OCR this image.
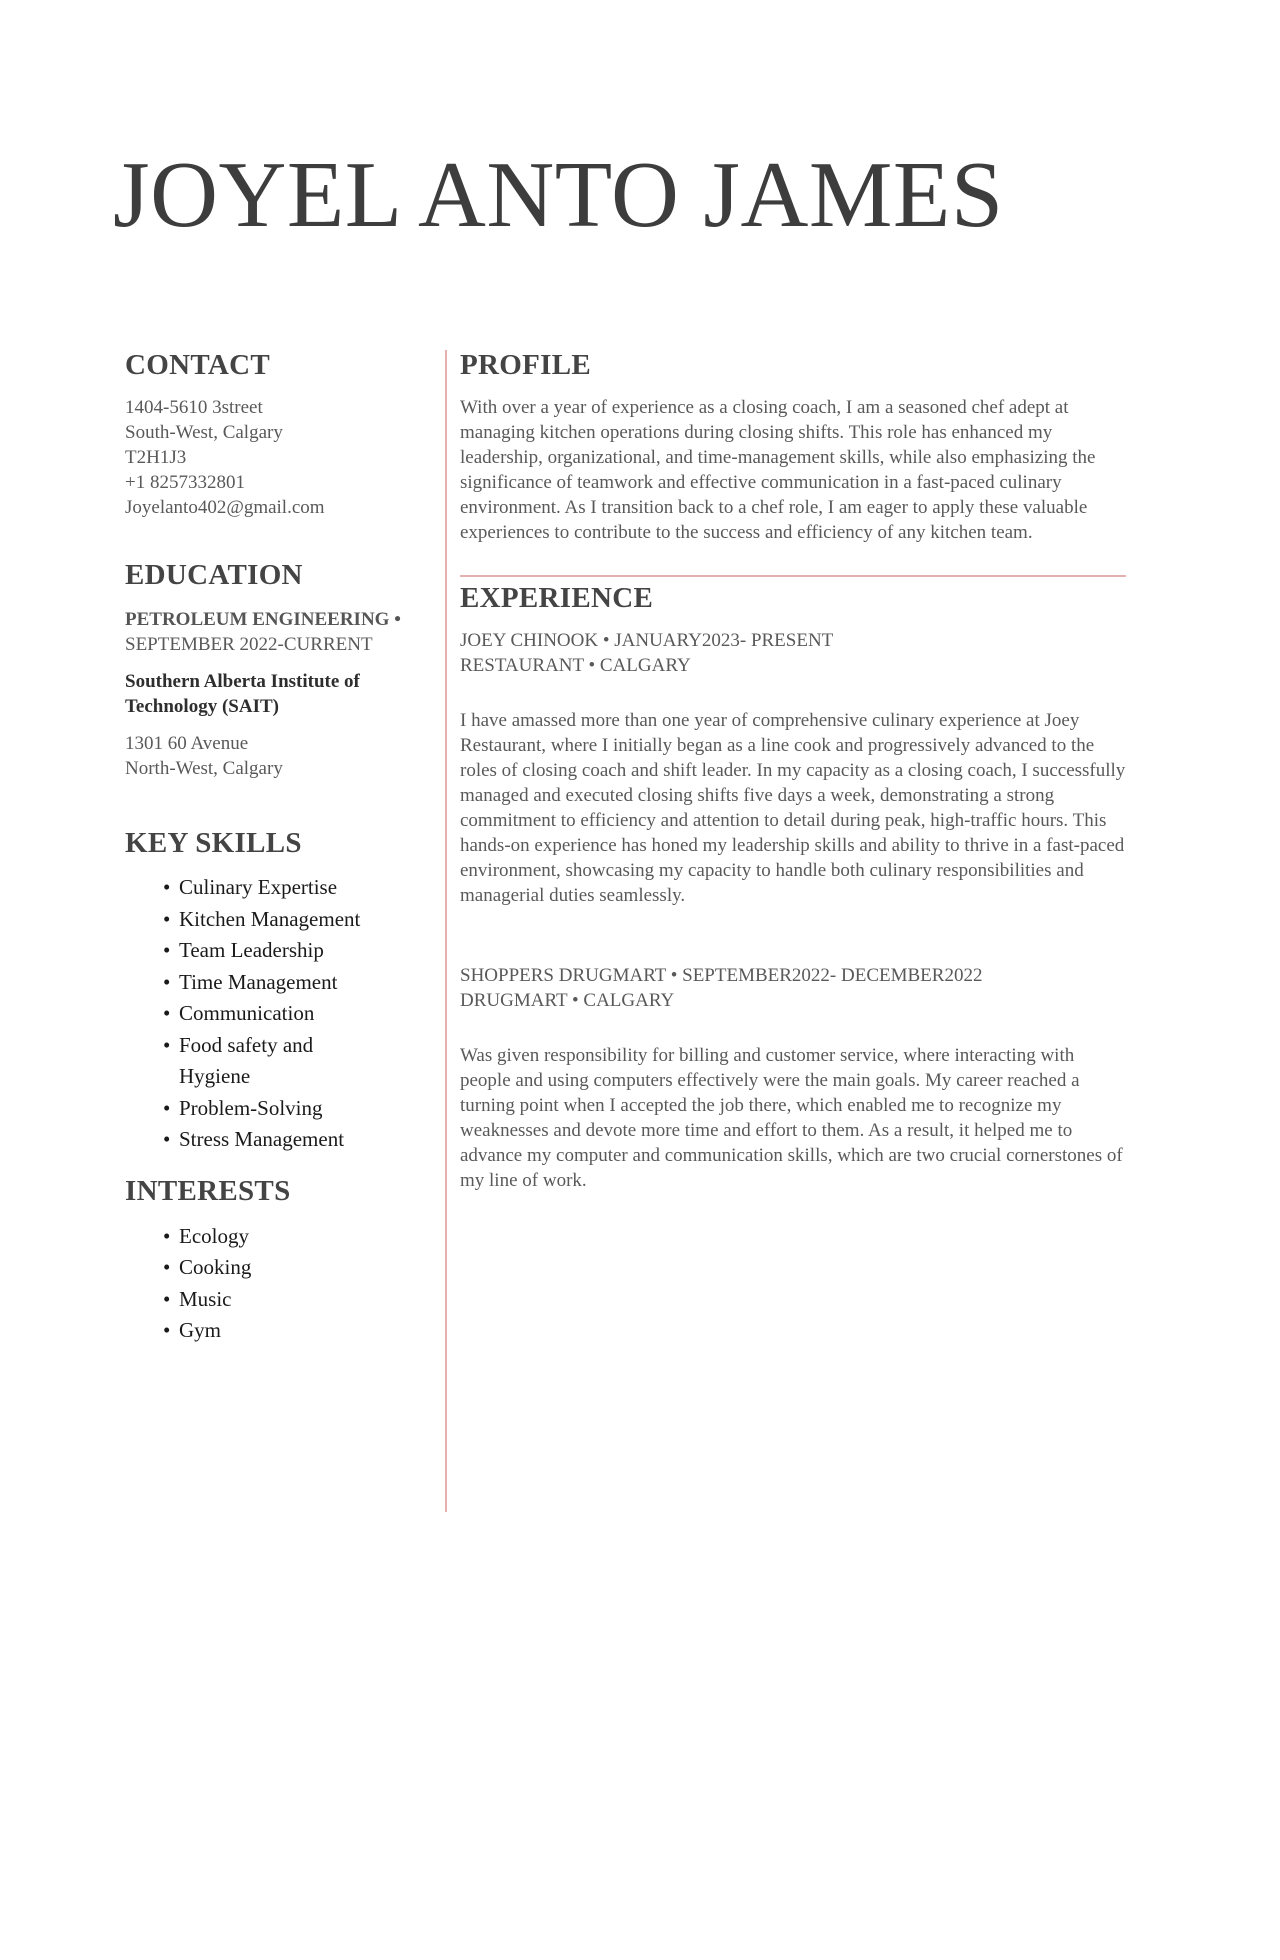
JOYEL ANTO JAMES
CONTACT
1404-5610 3street
South-West, Calgary
T2H1J3
+1 8257332801
Joyelanto402@gmail.com
EDUCATION
PETROLEUM ENGINEERING •
SEPTEMBER 2022-CURRENT
Southern Alberta Institute of Technology (SAIT)
1301 60 Avenue
North-West, Calgary
KEY SKILLS
• Culinary Expertise
• Kitchen Management
• Team Leadership
• Time Management
• Communication
• Food safety and Hygiene
• Problem-Solving
• Stress Management
INTERESTS
• Ecology
• Cooking
• Music
• Gym
PROFILE

With over a year of experience as a closing coach, I am a seasoned chef adept at managing kitchen operations during closing shifts. This role has enhanced my leadership, organizational, and time-management skills, while also emphasizing the significance of teamwork and effective communication in a fast-paced culinary environment. As I transition back to a chef role, I am eager to apply these valuable experiences to contribute to the success and efficiency of any kitchen team.

EXPERIENCE
JOEY CHINOOK • JANUARY2023- PRESENT
RESTAURANT • CALGARY
I have amassed more than one year of comprehensive culinary experience at Joey Restaurant, where I initially began as a line cook and progressively advanced to the roles of closing coach and shift leader. In my capacity as a closing coach, I successfully managed and executed closing shifts five days a week, demonstrating a strong commitment to efficiency and attention to detail during peak, high-traffic hours. This hands-on experience has honed my leadership skills and ability to thrive in a fast-paced environment, showcasing my capacity to handle both culinary responsibilities and managerial duties seamlessly.
SHOPPERS DRUGMART • SEPTEMBER2022- DECEMBER2022
DRUGMART • CALGARY
Was given responsibility for billing and customer service, where interacting with people and using computers effectively were the main goals. My career reached a turning point when I accepted the job there, which enabled me to recognize my weaknesses and devote more time and effort to them. As a result, it helped me to advance my computer and communication skills, which are two crucial cornerstones of my line of work.
